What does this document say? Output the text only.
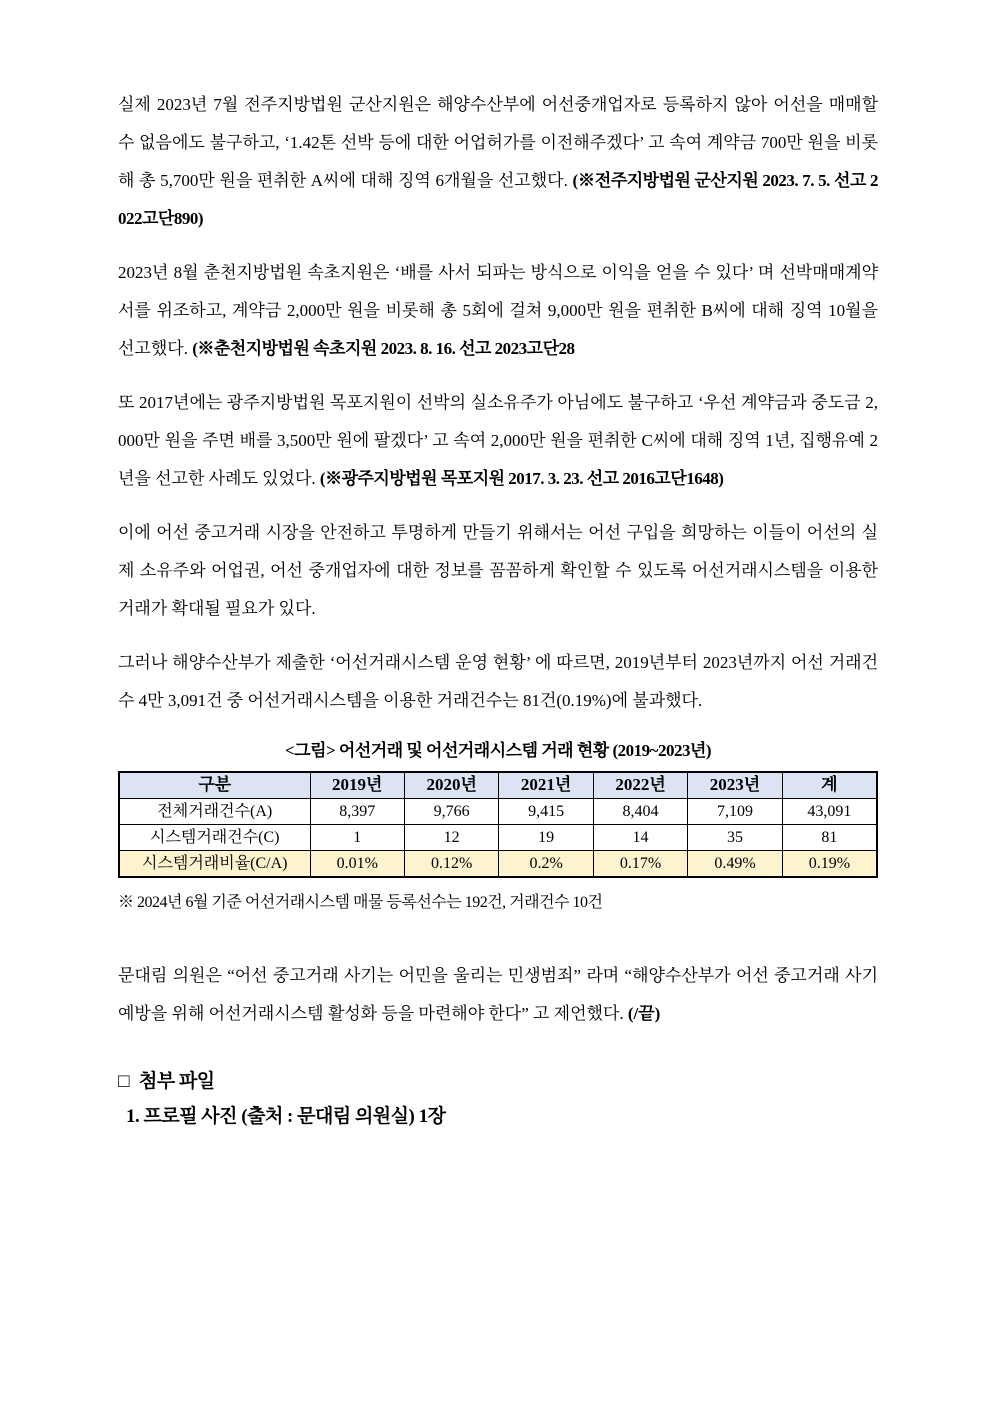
실제 2023년 7월 전주지방법원 군산지원은 해양수산부에 어선중개업자로 등록하지 않아 어선을 매매할 수 없음에도 불구하고, ‘1.42톤 선박 등에 대한 어업허가를 이전해주겠다’ 고 속여 계약금 700만 원을 비롯해 총 5,700만 원을 편취한 A씨에 대해 징역 6개월을 선고했다. (※전주지방법원 군산지원 2023. 7. 5. 선고 2022고단890)

2023년 8월 춘천지방법원 속초지원은 ‘배를 사서 되파는 방식으로 이익을 얻을 수 있다’ 며 선박매매계약서를 위조하고, 계약금 2,000만 원을 비롯해 총 5회에 걸쳐 9,000만 원을 편취한 B씨에 대해 징역 10월을 선고했다. (※춘천지방법원 속초지원 2023. 8. 16. 선고 2023고단28

또 2017년에는 광주지방법원 목포지원이 선박의 실소유주가 아님에도 불구하고 ‘우선 계약금과 중도금 2,000만 원을 주면 배를 3,500만 원에 팔겠다’ 고 속여 2,000만 원을 편취한 C씨에 대해 징역 1년, 집행유예 2년을 선고한 사례도 있었다. (※광주지방법원 목포지원 2017. 3. 23. 선고 2016고단1648)

이에 어선 중고거래 시장을 안전하고 투명하게 만들기 위해서는 어선 구입을 희망하는 이들이 어선의 실제 소유주와 어업권, 어선 중개업자에 대한 정보를 꼼꼼하게 확인할 수 있도록 어선거래시스템을 이용한 거래가 확대될 필요가 있다.

그러나 해양수산부가 제출한 ‘어선거래시스템 운영 현황’ 에 따르면, 2019년부터 2023년까지 어선 거래건수 4만 3,091건 중 어선거래시스템을 이용한 거래건수는 81건(0.19%)에 불과했다.

<그림> 어선거래 및 어선거래시스템 거래 현황 (2019~2023년)
구분	2019년	2020년	2021년	2022년	2023년	계
전체거래건수(A)	8,397	9,766	9,415	8,404	7,109	43,091
시스템거래건수(C)	1	12	19	14	35	81
시스템거래비율(C/A)	0.01%	0.12%	0.2%	0.17%	0.49%	0.19%
※ 2024년 6월 기준 어선거래시스템 매물 등록선수는 192건, 거래건수 10건

문대림 의원은 “어선 중고거래 사기는 어민을 울리는 민생범죄” 라며 “해양수산부가 어선 중고거래 사기 예방을 위해 어선거래시스템 활성화 등을 마련해야 한다” 고 제언했다. (/끝)

□ 첨부 파일
1. 프로필 사진 (출처 : 문대림 의원실) 1장
